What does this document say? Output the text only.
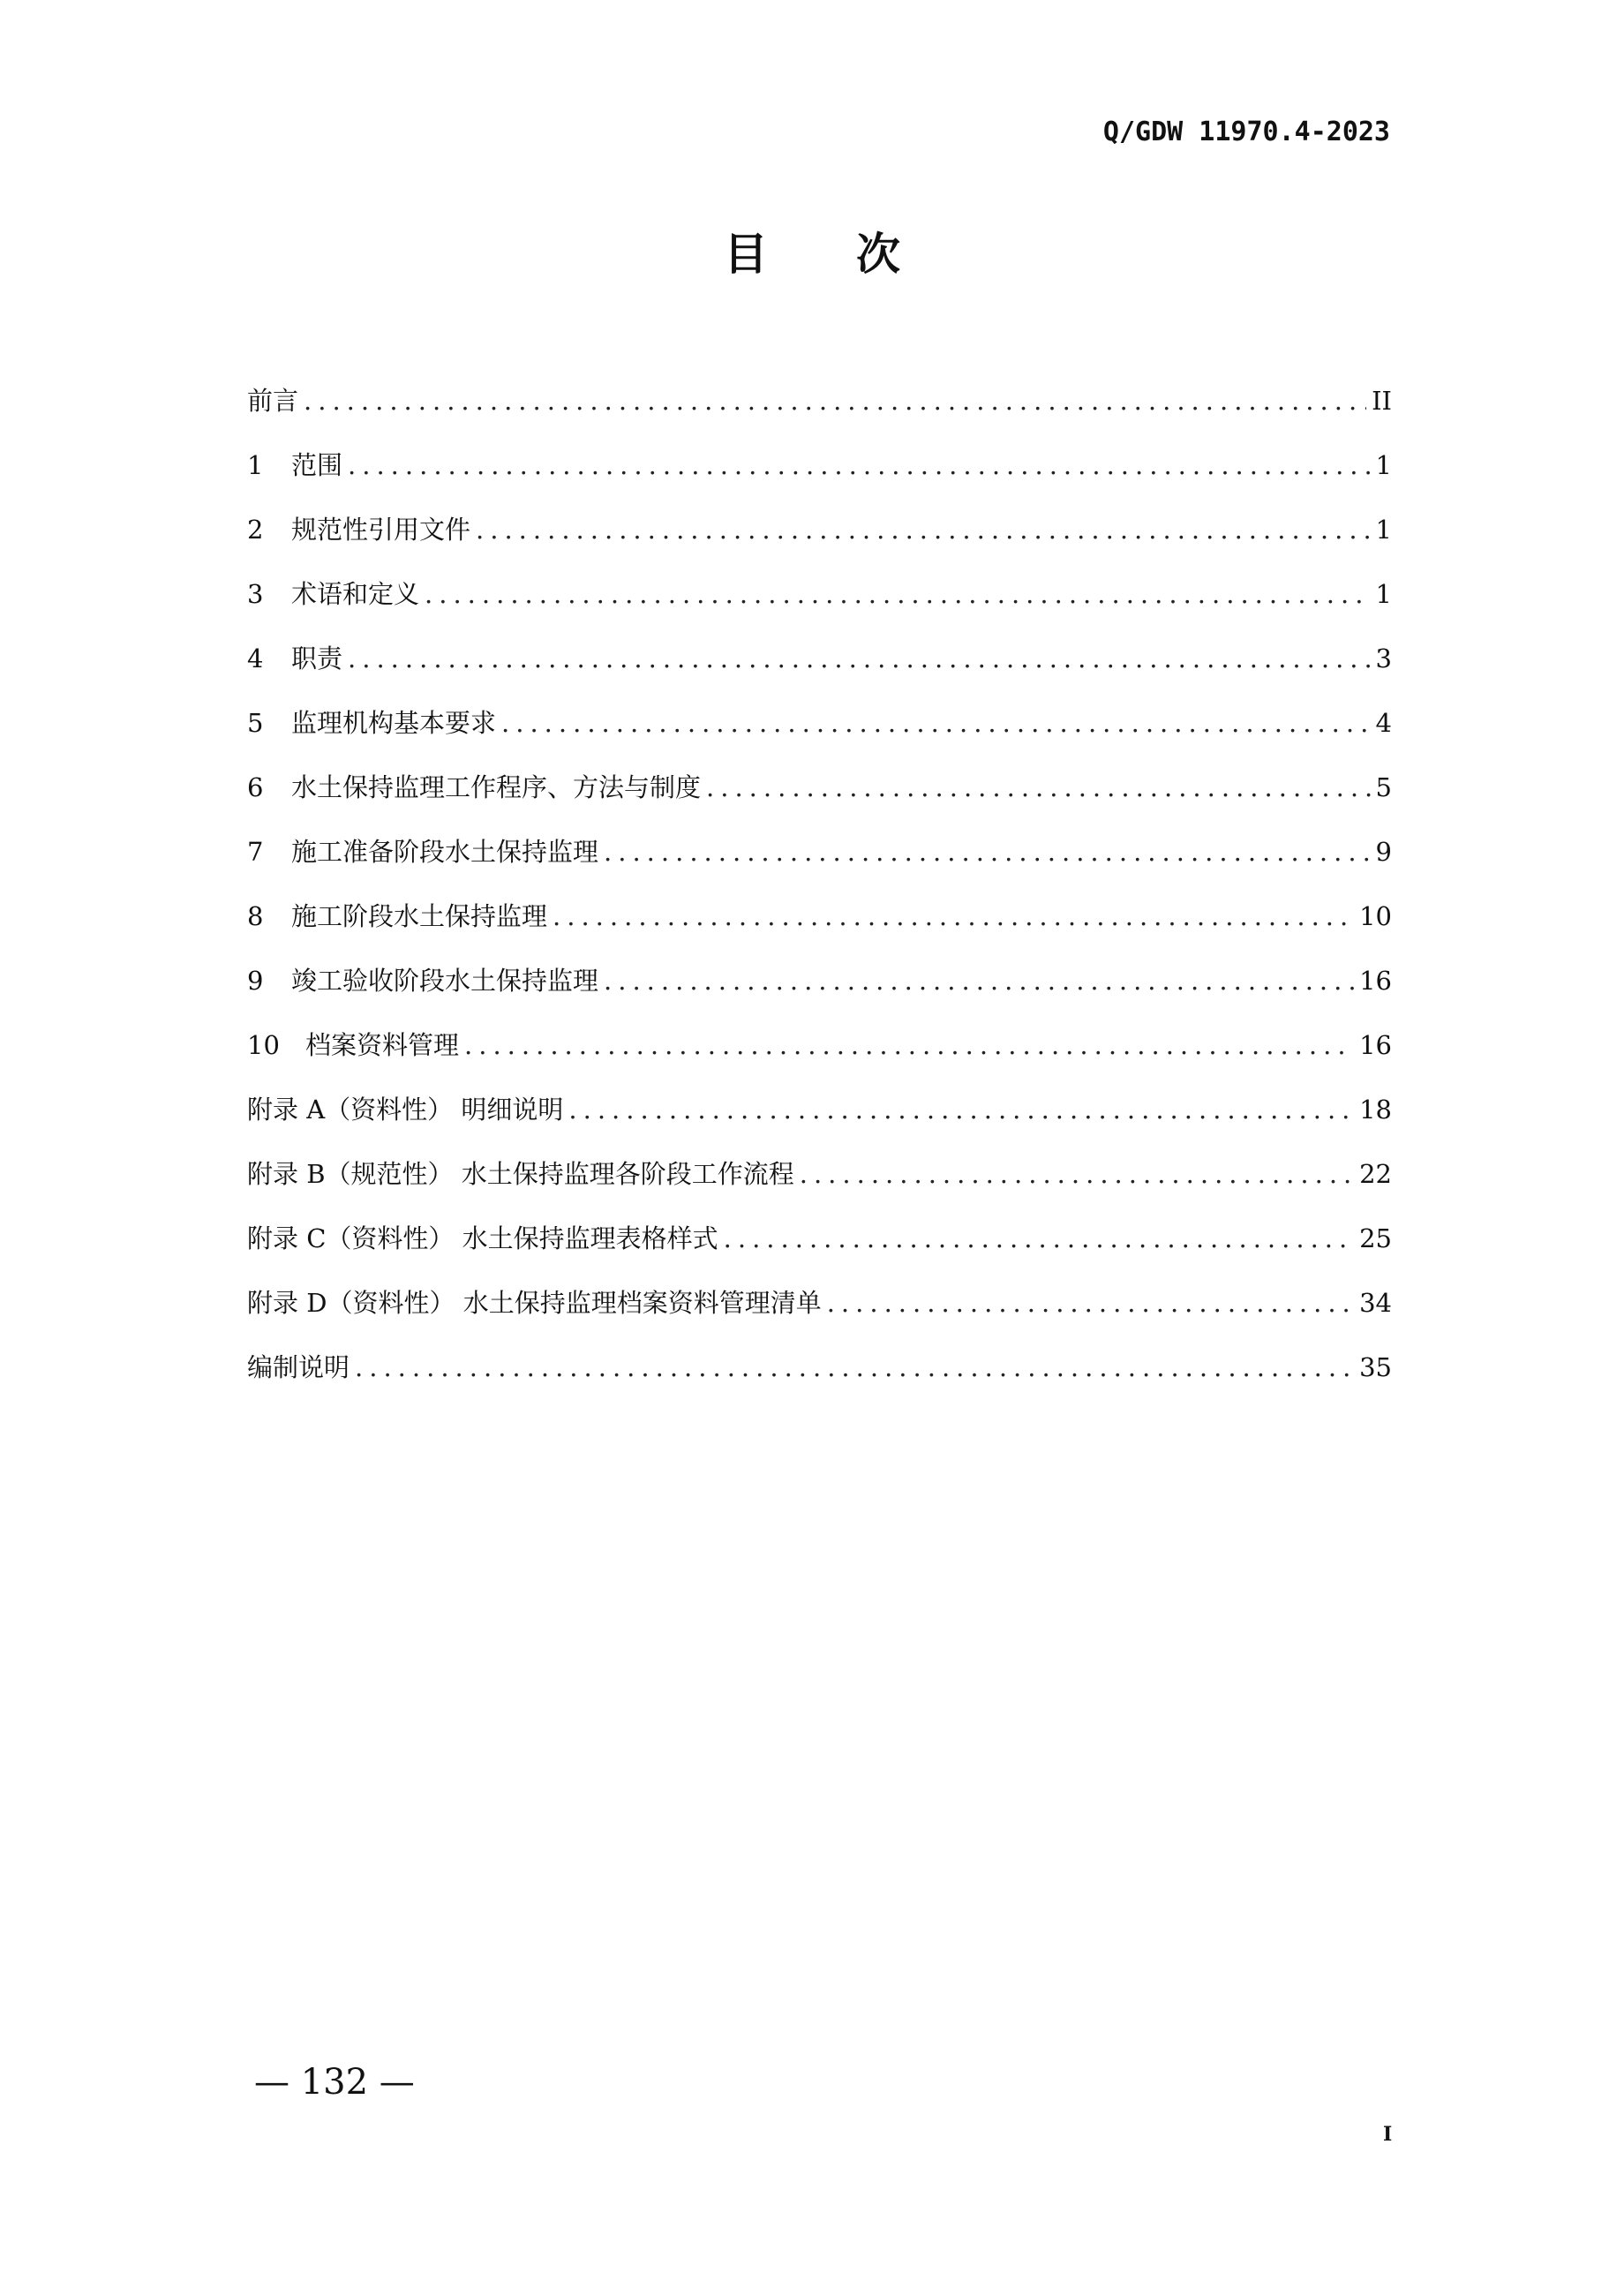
Q/GDW 11970.4-2023
目 次
前言 .....	II
1	范围 .....	1
2	规范性引用文件 .....	1
3	术语和定义 .....	1
4	职责 .....	3
5	监理机构基本要求 .....	4
6	水土保持监理工作程序、方法与制度 .....	5
7	施工准备阶段水土保持监理 .....	9
8	施工阶段水土保持监理 .....	10
9	竣工验收阶段水土保持监理 .....	16
10	档案资料管理 .....	16
附录 A（资料性） 明细说明 .....	18
附录 B（规范性） 水土保持监理各阶段工作流程 .....	22
附录 C（资料性） 水土保持监理表格样式 .....	25
附录 D（资料性） 水土保持监理档案资料管理清单 .....	34
编制说明 .....	35
— 132 —
I
